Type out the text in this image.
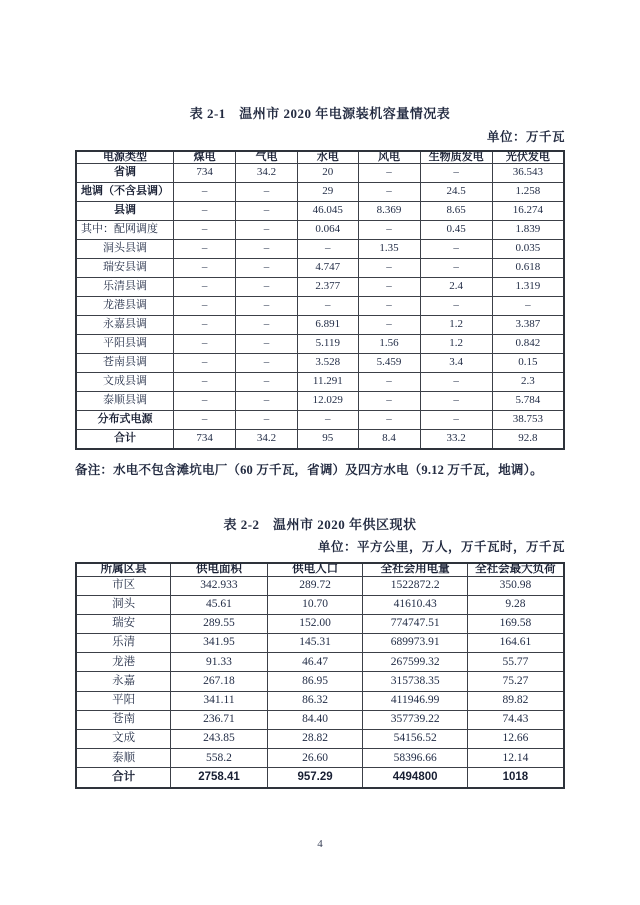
表 2-1　温州市 2020 年电源装机容量情况表
单位：万千瓦
电源类型	煤电	气电	水电	风电	生物质发电	光伏发电
省调	734	34.2	20	–	–	36.543
地调（不含县调）	–	–	29	–	24.5	1.258
县调	–	–	46.045	8.369	8.65	16.274
其中：配网调度	–	–	0.064	–	0.45	1.839
洞头县调	–	–	–	1.35	–	0.035
瑞安县调	–	–	4.747	–	–	0.618
乐清县调	–	–	2.377	–	2.4	1.319
龙港县调	–	–	–	–	–	–
永嘉县调	–	–	6.891	–	1.2	3.387
平阳县调	–	–	5.119	1.56	1.2	0.842
苍南县调	–	–	3.528	5.459	3.4	0.15
文成县调	–	–	11.291	–	–	2.3
泰顺县调	–	–	12.029	–	–	5.784
分布式电源	–	–	–	–	–	38.753
合计	734	34.2	95	8.4	33.2	92.8
备注：水电不包含滩坑电厂（60 万千瓦，省调）及四方水电（9.12 万千瓦，地调）。
表 2-2　温州市 2020 年供区现状
单位：平方公里，万人，万千瓦时，万千瓦
所属区县	供电面积	供电人口	全社会用电量	全社会最大负荷
市区	342.933	289.72	1522872.2	350.98
洞头	45.61	10.70	41610.43	9.28
瑞安	289.55	152.00	774747.51	169.58
乐清	341.95	145.31	689973.91	164.61
龙港	91.33	46.47	267599.32	55.77
永嘉	267.18	86.95	315738.35	75.27
平阳	341.11	86.32	411946.99	89.82
苍南	236.71	84.40	357739.22	74.43
文成	243.85	28.82	54156.52	12.66
泰顺	558.2	26.60	58396.66	12.14
合计	2758.41	957.29	4494800	1018
4
